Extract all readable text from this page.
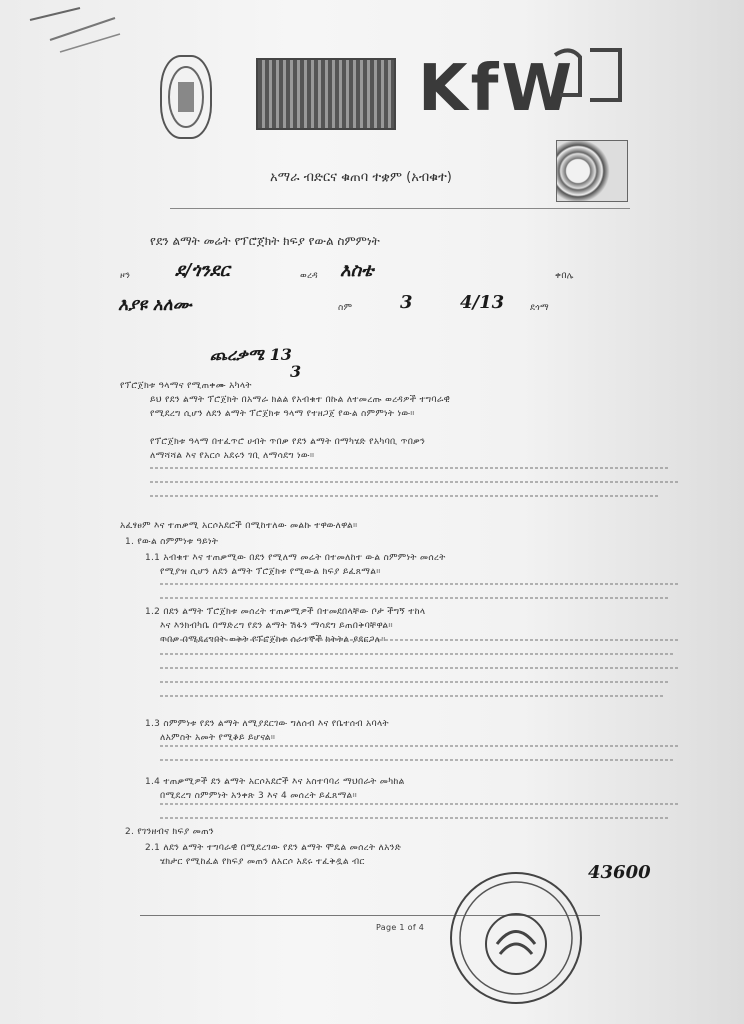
KfW
አማራ ብድርና ቁጠባ ተቋም (አብቁተ)
የደን ልማት መሬት የፕሮጀክት ክፍያ የውል ስምምነት
ዞን ደ/ጎንደር	ወረዳ እስቴ	ቀበሌ
እያዩ አለሙ	ስም	3	4/13	ደጎማ
ጨረቃሜ 13
3
የፕሮጀክቱ ዓላማና የሚጠቀሙ አካላት
ይህ የደን ልማት ፕሮጀክት በአማራ ክልል የአብቁተ በኩል ለተመረጡ ወረዳዎች ተግባራዊ
የሚደረግ ሲሆን ለደን ልማት ፕሮጀክቱ ዓላማ የተዘጋጀ የውል ስምምነት ነው።
የፕሮጀክቱ ዓላማ በተፈጥሮ ሀብት ጥበቃ የደን ልማት በማካሄድ የአካባቢ ጥበቃን
ለማሻሻል እና የአርሶ አደሩን ገቢ ለማሳደግ ነው።
አፈፃፀም እና ተጠቃሚ አርሶአደሮች በሚከተለው መልኩ ተዋውለዋል።
1. የውል ስምምነቱ ዓይነት
1.1 አብቁተ እና ተጠቃሚው በደን የሚለማ መሬት በተመለከተ ውል ስምምነት መሰረት
የሚያዝ ሲሆን ለደን ልማት ፕሮጀክቱ የሚውል ክፍያ ይፈጸማል።
1.2 በደን ልማት ፕሮጀክቱ መሰረት ተጠቃሚዎች በተመደበላቸው ቦታ ችግኝ ተከላ
እና እንክብካቤ በማድረግ የደን ልማት ሽፋን ማሳደግ ይጠበቅባቸዋል።
ጥበቃ በሚደረግበት ወቅት የፕሮጀክቱ ሰራተኞች ክትትል ያደርጋሉ።
1.3 ስምምነቱ የደን ልማት ለሚያደርገው ግለሰብ እና የቤተሰብ አባላት
ለአምስት አመት የሚቆይ ይሆናል።
1.4 ተጠቃሚዎች ደን ልማት አርሶአደሮች እና አስተባባሪ ማህበራት መካከል
በሚደረግ ስምምነት አንቀጽ 3 እና 4 መሰረት ይፈጸማል።
2. የገንዘብና ክፍያ መጠን
2.1 ለደን ልማት ተግባራዊ በሚደረገው የደን ልማት ሞዴል መሰረት ለአንድ
ሄክታር የሚከፈል የክፍያ መጠን ለአርሶ አደሩ ተፈቅዷል ብር	43600
Page 1 of 4
